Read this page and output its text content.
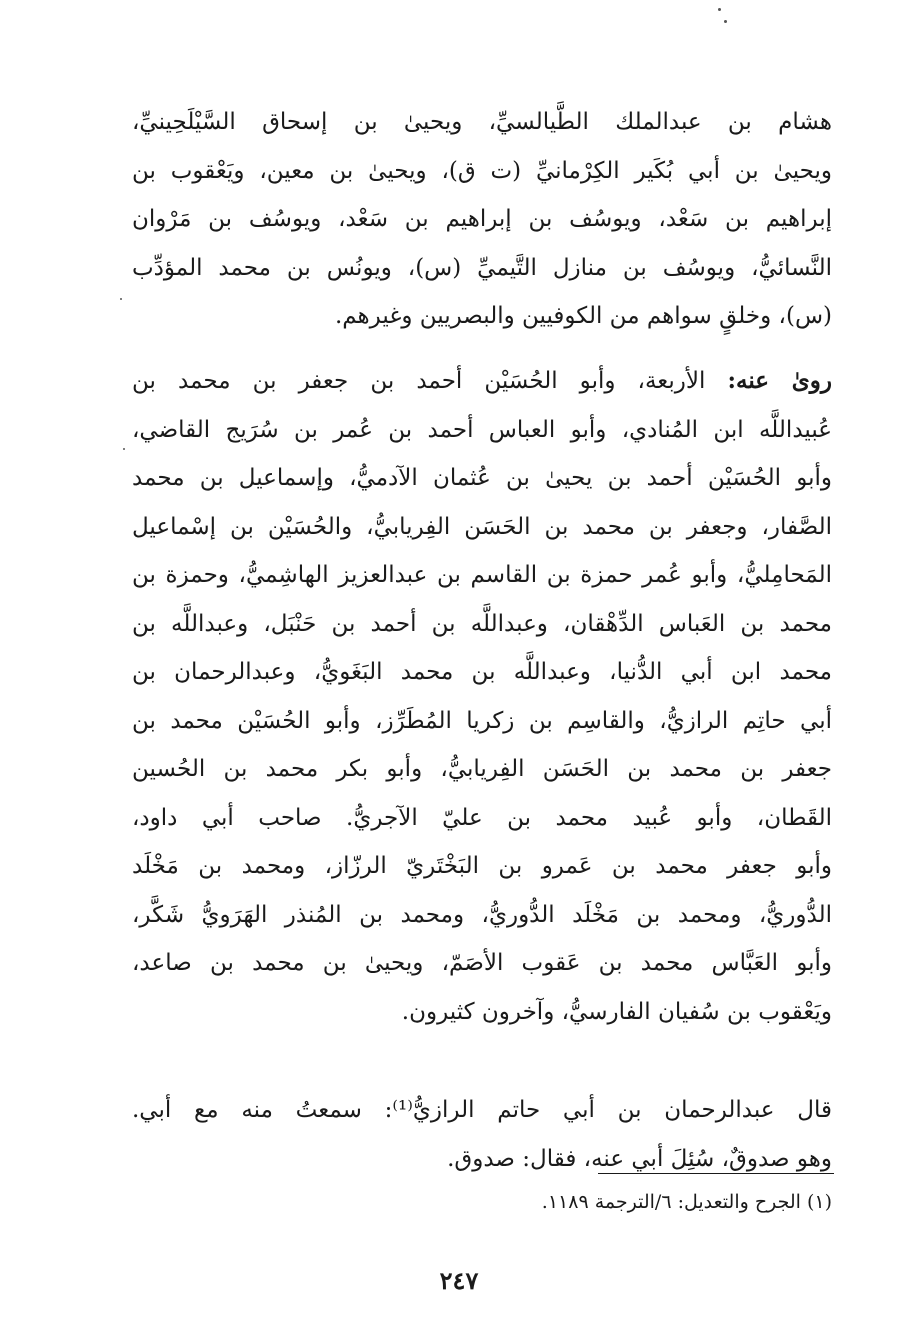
هشام بن عبدالملك الطَّيالسيِّ، ويحيىٰ بن إسحاق السَّيْلَحِينيِّ،
ويحيىٰ بن أبي بُكَير الكِرْمانيِّ (ت ق)، ويحيىٰ بن معين، ويَعْقوب بن
إبراهيم بن سَعْد، ويوسُف بن إبراهيم بن سَعْد، ويوسُف بن مَرْوان
النَّسائيُّ، ويوسُف بن منازل التَّيميِّ (س)، ويونُس بن محمد المؤدِّب
(س)، وخلقٍ سواهم من الكوفيين والبصريين وغيرهم.
روىٰ عنه: الأربعة، وأبو الحُسَيْن أحمد بن جعفر بن محمد بن
عُبيداللَّه ابن المُنادي، وأبو العباس أحمد بن عُمر بن سُرَيج القاضي،
وأبو الحُسَيْن أحمد بن يحيىٰ بن عُثمان الآدميُّ، وإسماعيل بن محمد
الصَّفار، وجعفر بن محمد بن الحَسَن الفِريابيُّ، والحُسَيْن بن إسْماعيل
المَحامِليُّ، وأبو عُمر حمزة بن القاسم بن عبدالعزيز الهاشِميُّ، وحمزة بن
محمد بن العَباس الدِّهْقان، وعبداللَّه بن أحمد بن حَنْبَل، وعبداللَّه بن
محمد ابن أبي الدُّنيا، وعبداللَّه بن محمد البَغَويُّ، وعبدالرحمان بن
أبي حاتِم الرازيُّ، والقاسِم بن زكريا المُطَرِّز، وأبو الحُسَيْن محمد بن
جعفر بن محمد بن الحَسَن الفِريابيُّ، وأبو بكر محمد بن الحُسين
القَطان، وأبو عُبيد محمد بن عليّ الآجريُّ. صاحب أبي داود،
وأبو جعفر محمد بن عَمرو بن البَخْتَريّ الرزّاز، ومحمد بن مَخْلَد
الدُّوريُّ، ومحمد بن مَخْلَد الدُّوريُّ، ومحمد بن المُنذر الهَرَويُّ شَكَّر،
وأبو العَبَّاس محمد بن عَقوب الأصَمّ، ويحيىٰ بن محمد بن صاعد،
ويَعْقوب بن سُفيان الفارسيُّ، وآخرون كثيرون.
قال عبدالرحمان بن أبي حاتم الرازيُّ⁽¹⁾: سمعتُ منه مع أبي.
وهو صدوقٌ، سُئِلَ أبي عنه، فقال: صدوق.
(١) الجرح والتعديل: ٦/الترجمة ١١٨٩.
٢٤٧
